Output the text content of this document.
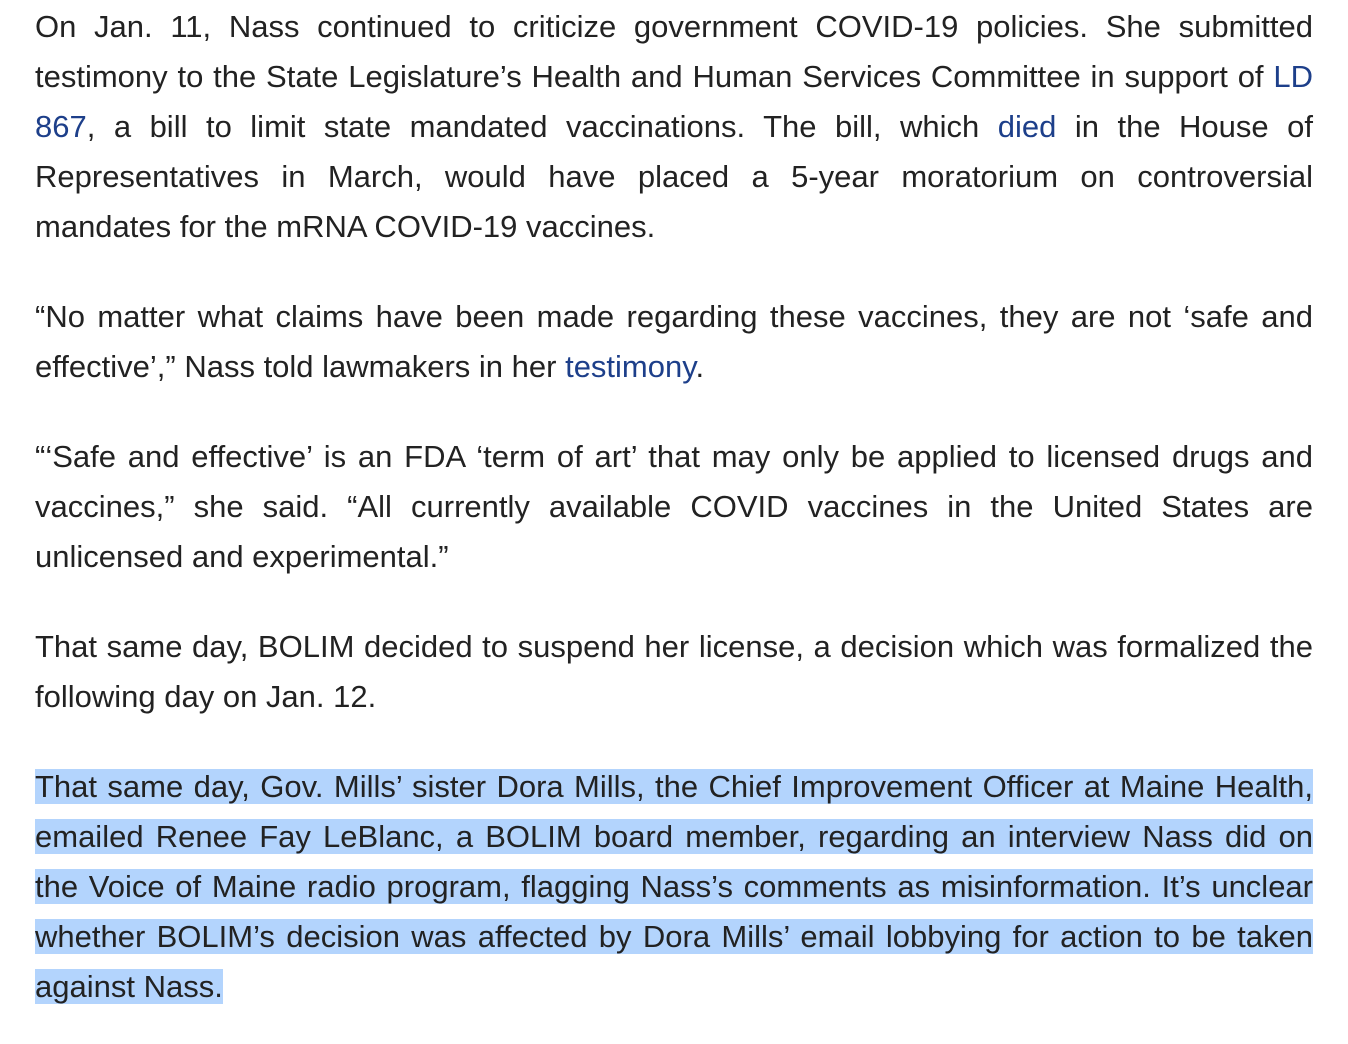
On Jan. 11, Nass continued to criticize government COVID-19 policies. She submitted testimony to the State Legislature’s Health and Human Services Committee in support of LD 867, a bill to limit state mandated vaccinations. The bill, which died in the House of Representatives in March, would have placed a 5-year moratorium on controversial mandates for the mRNA COVID-19 vaccines.

“No matter what claims have been made regarding these vaccines, they are not ‘safe and effective’,” Nass told lawmakers in her testimony.

“‘Safe and effective’ is an FDA ‘term of art’ that may only be applied to licensed drugs and vaccines,” she said. “All currently available COVID vaccines in the United States are unlicensed and experimental.”

That same day, BOLIM decided to suspend her license, a decision which was formalized the following day on Jan. 12.

That same day, Gov. Mills’ sister Dora Mills, the Chief Improvement Officer at Maine Health, emailed Renee Fay LeBlanc, a BOLIM board member, regarding an interview Nass did on the Voice of Maine radio program, flagging Nass’s comments as misinformation. It’s unclear whether BOLIM’s decision was affected by Dora Mills’ email lobbying for action to be taken against Nass.
